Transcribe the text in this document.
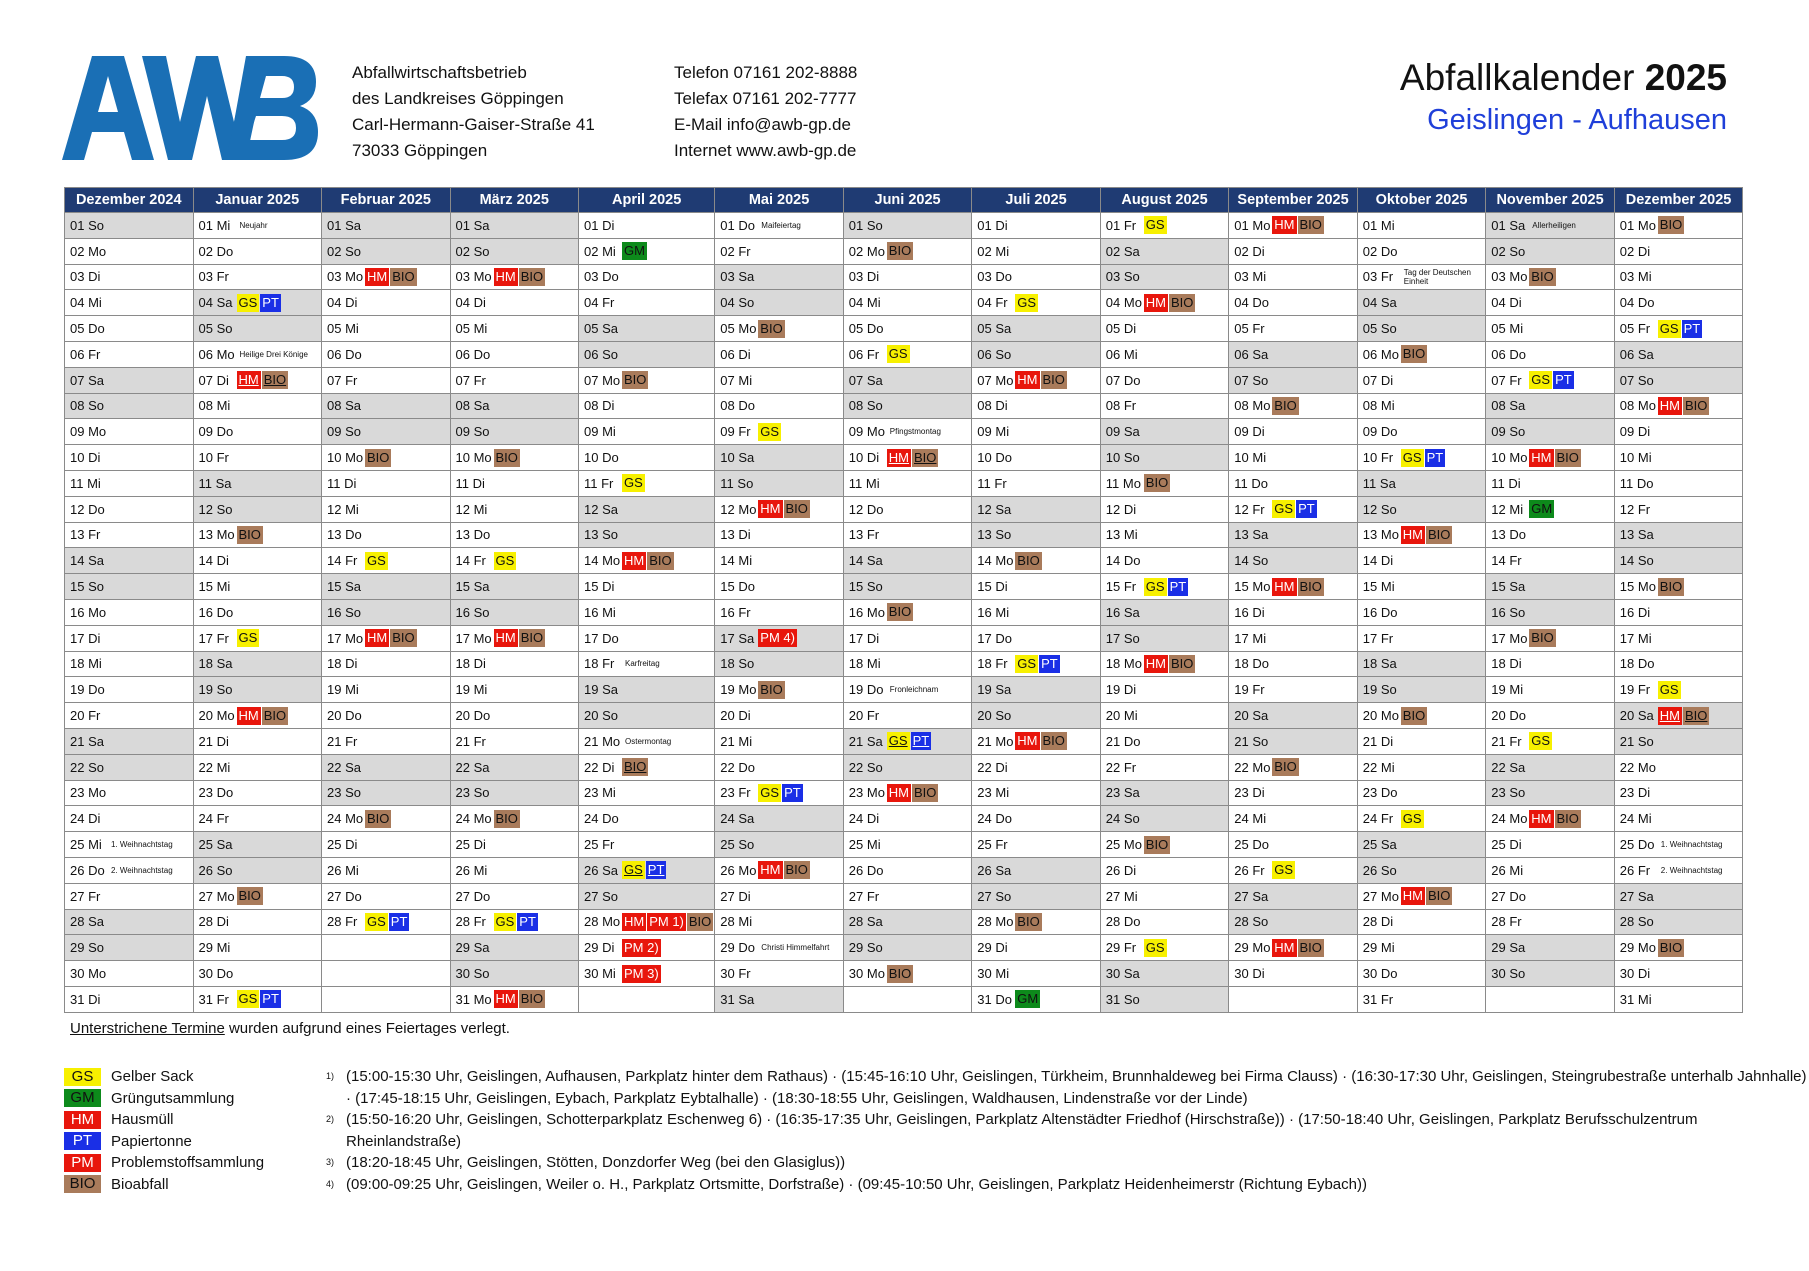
Abfallwirtschaftsbetrieb
des Landkreises Göppingen
Carl-Hermann-Gaiser-Straße 41
73033 Göppingen
Telefon 07161 202-8888
Telefax 07161 202-7777
E-Mail info@awb-gp.de
Internet www.awb-gp.de
Abfallkalender 2025
Geislingen - Aufhausen
Dezember 2024	Januar 2025	Februar 2025	März 2025	April 2025	Mai 2025	Juni 2025	Juli 2025	August 2025	September 2025	Oktober 2025	November 2025	Dezember 2025

01 So	01 Mi Neujahr	01 Sa	01 Sa	01 Di	01 Do Maifeiertag	01 So	01 Di	01 Fr GS	01 Mo HM BIO	01 Mi	01 Sa Allerheiligen	01 Mo BIO

02 Mo	02 Do	02 So	02 So	02 Mi GM	02 Fr	02 Mo BIO	02 Mi	02 Sa	02 Di	02 Do	02 So	02 Di

03 Di	03 Fr	03 Mo HM BIO	03 Mo HM BIO	03 Do	03 Sa	03 Di	03 Do	03 So	03 Mi	03 Fr Tag der Deutschen Einheit	03 Mo BIO	03 Mi

04 Mi	04 Sa GS PT	04 Di	04 Di	04 Fr	04 So	04 Mi	04 Fr GS	04 Mo HM BIO	04 Do	04 Sa	04 Di	04 Do

05 Do	05 So	05 Mi	05 Mi	05 Sa	05 Mo BIO	05 Do	05 Sa	05 Di	05 Fr	05 So	05 Mi	05 Fr GS PT

06 Fr	06 Mo Heilige Drei Könige	06 Do	06 Do	06 So	06 Di	06 Fr GS	06 So	06 Mi	06 Sa	06 Mo BIO	06 Do	06 Sa

07 Sa	07 Di HM BIO	07 Fr	07 Fr	07 Mo BIO	07 Mi	07 Sa	07 Mo HM BIO	07 Do	07 So	07 Di	07 Fr GS PT	07 So

08 So	08 Mi	08 Sa	08 Sa	08 Di	08 Do	08 So	08 Di	08 Fr	08 Mo BIO	08 Mi	08 Sa	08 Mo HM BIO

09 Mo	09 Do	09 So	09 So	09 Mi	09 Fr GS	09 Mo Pfingstmontag	09 Mi	09 Sa	09 Di	09 Do	09 So	09 Di

10 Di	10 Fr	10 Mo BIO	10 Mo BIO	10 Do	10 Sa	10 Di HM BIO	10 Do	10 So	10 Mi	10 Fr GS PT	10 Mo HM BIO	10 Mi

11 Mi	11 Sa	11 Di	11 Di	11 Fr GS	11 So	11 Mi	11 Fr	11 Mo BIO	11 Do	11 Sa	11 Di	11 Do

12 Do	12 So	12 Mi	12 Mi	12 Sa	12 Mo HM BIO	12 Do	12 Sa	12 Di	12 Fr GS PT	12 So	12 Mi GM	12 Fr

13 Fr	13 Mo BIO	13 Do	13 Do	13 So	13 Di	13 Fr	13 So	13 Mi	13 Sa	13 Mo HM BIO	13 Do	13 Sa

14 Sa	14 Di	14 Fr GS	14 Fr GS	14 Mo HM BIO	14 Mi	14 Sa	14 Mo BIO	14 Do	14 So	14 Di	14 Fr	14 So

15 So	15 Mi	15 Sa	15 Sa	15 Di	15 Do	15 So	15 Di	15 Fr GS PT	15 Mo HM BIO	15 Mi	15 Sa	15 Mo BIO

16 Mo	16 Do	16 So	16 So	16 Mi	16 Fr	16 Mo BIO	16 Mi	16 Sa	16 Di	16 Do	16 So	16 Di

17 Di	17 Fr GS	17 Mo HM BIO	17 Mo HM BIO	17 Do	17 Sa PM 4)	17 Di	17 Do	17 So	17 Mi	17 Fr	17 Mo BIO	17 Mi

18 Mi	18 Sa	18 Di	18 Di	18 Fr Karfreitag	18 So	18 Mi	18 Fr GS PT	18 Mo HM BIO	18 Do	18 Sa	18 Di	18 Do

19 Do	19 So	19 Mi	19 Mi	19 Sa	19 Mo BIO	19 Do Fronleichnam	19 Sa	19 Di	19 Fr	19 So	19 Mi	19 Fr GS

20 Fr	20 Mo HM BIO	20 Do	20 Do	20 So	20 Di	20 Fr	20 So	20 Mi	20 Sa	20 Mo BIO	20 Do	20 Sa HM BIO

21 Sa	21 Di	21 Fr	21 Fr	21 Mo Ostermontag	21 Mi	21 Sa GS PT	21 Mo HM BIO	21 Do	21 So	21 Di	21 Fr GS	21 So

22 So	22 Mi	22 Sa	22 Sa	22 Di BIO	22 Do	22 So	22 Di	22 Fr	22 Mo BIO	22 Mi	22 Sa	22 Mo

23 Mo	23 Do	23 So	23 So	23 Mi	23 Fr GS PT	23 Mo HM BIO	23 Mi	23 Sa	23 Di	23 Do	23 So	23 Di

24 Di	24 Fr	24 Mo BIO	24 Mo BIO	24 Do	24 Sa	24 Di	24 Do	24 So	24 Mi	24 Fr GS	24 Mo HM BIO	24 Mi

25 Mi 1. Weihnachtstag	25 Sa	25 Di	25 Di	25 Fr	25 So	25 Mi	25 Fr	25 Mo BIO	25 Do	25 Sa	25 Di	25 Do 1. Weihnachtstag

26 Do 2. Weihnachtstag	26 So	26 Mi	26 Mi	26 Sa GS PT	26 Mo HM BIO	26 Do	26 Sa	26 Di	26 Fr GS	26 So	26 Mi	26 Fr 2. Weihnachtstag

27 Fr	27 Mo BIO	27 Do	27 Do	27 So	27 Di	27 Fr	27 So	27 Mi	27 Sa	27 Mo HM BIO	27 Do	27 Sa

28 Sa	28 Di	28 Fr GS PT	28 Fr GS PT	28 Mo HM PM 1) BIO	28 Mi	28 Sa	28 Mo BIO	28 Do	28 So	28 Di	28 Fr	28 So

29 So	29 Mi		29 Sa	29 Di PM 2)	29 Do Christi Himmelfahrt	29 So	29 Di	29 Fr GS	29 Mo HM BIO	29 Mi	29 Sa	29 Mo BIO

30 Mo	30 Do		30 So	30 Mi PM 3)	30 Fr	30 Mo BIO	30 Mi	30 Sa	30 Di	30 Do	30 So	30 Di

31 Di	31 Fr GS PT		31 Mo HM BIO		31 Sa		31 Do GM	31 So		31 Fr		31 Mi
Unterstrichene Termine wurden aufgrund eines Feiertages verlegt.
GS	Gelber Sack
GM	Grüngutsammlung
HM	Hausmüll
PT	Papiertonne
PM	Problemstoffsammlung
BIO	Bioabfall
1) (15:00-15:30 Uhr, Geislingen, Aufhausen, Parkplatz hinter dem Rathaus) · (15:45-16:10 Uhr, Geislingen, Türkheim, Brunnhaldeweg bei Firma Clauss) · (16:30-17:30 Uhr, Geislingen, Steingrubestraße unterhalb Jahnhalle)
· (17:45-18:15 Uhr, Geislingen, Eybach, Parkplatz Eybtalhalle) · (18:30-18:55 Uhr, Geislingen, Waldhausen, Lindenstraße vor der Linde)
2) (15:50-16:20 Uhr, Geislingen, Schotterparkplatz Eschenweg 6) · (16:35-17:35 Uhr, Geislingen, Parkplatz Altenstädter Friedhof (Hirschstraße)) · (17:50-18:40 Uhr, Geislingen, Parkplatz Berufsschulzentrum
Rheinlandstraße)
3) (18:20-18:45 Uhr, Geislingen, Stötten, Donzdorfer Weg (bei den Glasiglus))
4) (09:00-09:25 Uhr, Geislingen, Weiler o. H., Parkplatz Ortsmitte, Dorfstraße) · (09:45-10:50 Uhr, Geislingen, Parkplatz Heidenheimerstr (Richtung Eybach))
